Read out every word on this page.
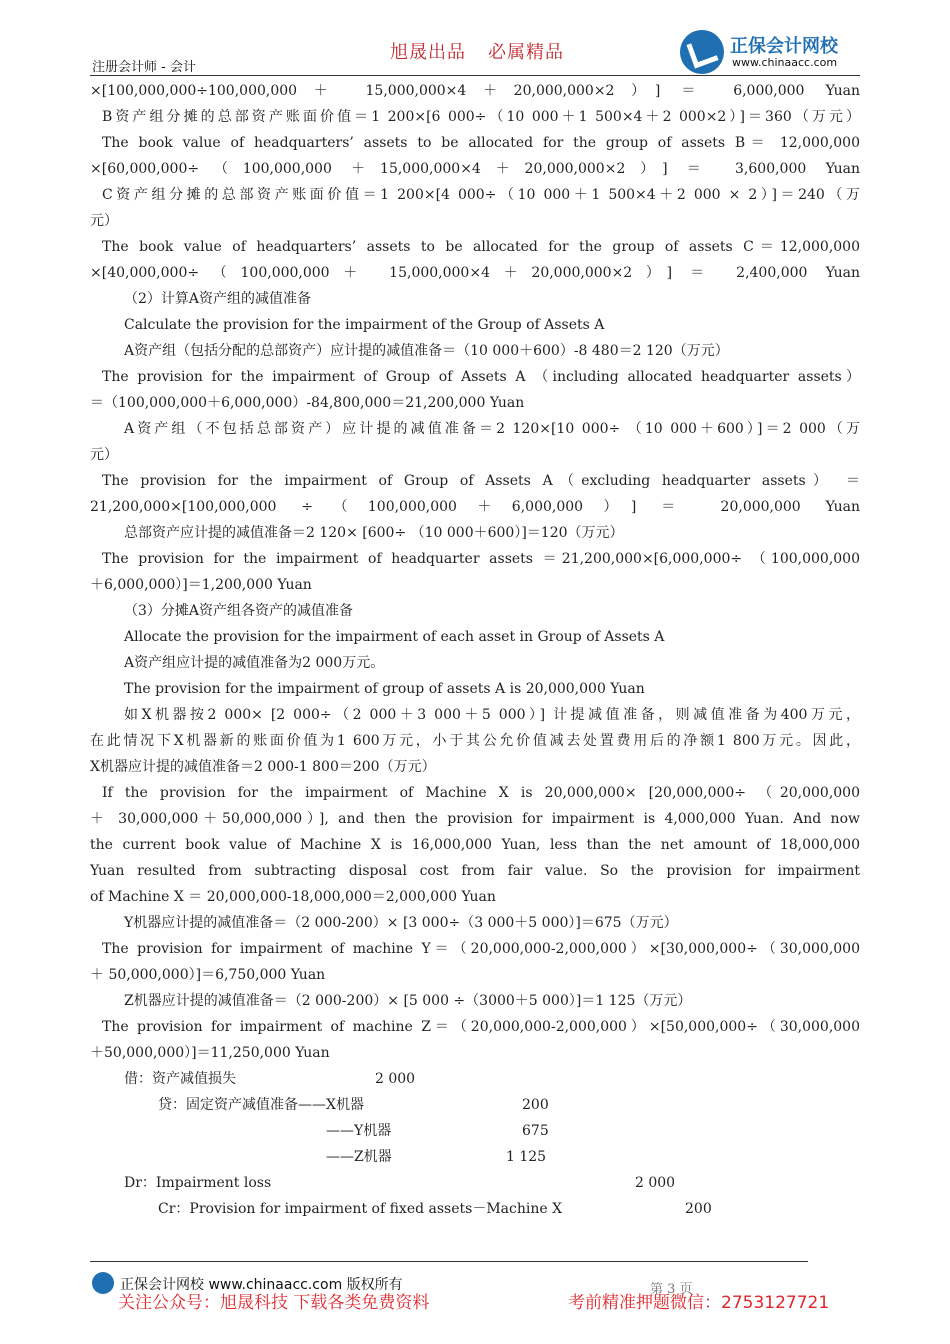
注册会计师 - 会计
旭晟出品 必属精品	正保会计网校
www.chinaacc.com
×[100,000,000÷100,000,000＋ 15,000,000×4＋20,000,000×2）] ＝ 6,000,000 Yuan
B资产组分摊的总部资产账面价值＝1 200×[6 000÷（10 000＋1 500×4＋2 000×2）]＝360（万元）
The book value of headquarters’ assets to be allocated for the group of assets B＝ 12,000,000
×[60,000,000÷（100,000,000 ＋15,000,000×4＋20,000,000×2）] ＝ 3,600,000 Yuan
C资产组分摊的总部资产账面价值＝1 200×[4 000÷（10 000＋1 500×4＋2 000 × 2）]＝240（万
元）
The book value of headquarters’ assets to be allocated for the group of assets C＝12,000,000
×[40,000,000÷（100,000,000＋ 15,000,000×4＋20,000,000×2）] ＝ 2,400,000 Yuan
（2）计算A资产组的减值准备
Calculate the provision for the impairment of the Group of Assets A
A资产组（包括分配的总部资产）应计提的减值准备＝（10 000＋600）-8 480＝2 120（万元）
The provision for the impairment of Group of Assets A （including allocated headquarter assets）
＝（100,000,000＋6,000,000）-84,800,000＝21,200,000 Yuan
A资产组（不包括总部资产）应计提的减值准备＝2 120×[10 000÷ （10 000＋600）]＝2 000（万
元）
The provision for the impairment of Group of Assets A（excluding headquarter assets） ＝
21,200,000×[100,000,000 ÷（100,000,000＋6,000,000）] ＝ 20,000,000 Yuan
总部资产应计提的减值准备＝2 120× [600÷ （10 000＋600）]＝120（万元）
The provision for the impairment of headquarter assets ＝21,200,000×[6,000,000÷ （100,000,000
＋6,000,000）]＝1,200,000 Yuan
（3）分摊A资产组各资产的减值准备
Allocate the provision for the impairment of each asset in Group of Assets A
A资产组应计提的减值准备为2 000万元。
The provision for the impairment of group of assets A is 20,000,000 Yuan
如X机器按2 000× [2 000÷（2 000＋3 000＋5 000）] 计提减值准备，则减值准备为400万元，
在此情况下X机器新的账面价值为1 600万元，小于其公允价值减去处置费用后的净额1 800万元。因此，
X机器应计提的减值准备＝2 000-1 800＝200（万元）
If the provision for the impairment of Machine X is 20,000,000× [20,000,000÷ （20,000,000
＋ 30,000,000＋50,000,000）], and then the provision for impairment is 4,000,000 Yuan. And now
the current book value of Machine X is 16,000,000 Yuan, less than the net amount of 18,000,000
Yuan resulted from subtracting disposal cost from fair value. So the provision for impairment
of Machine X ＝ 20,000,000-18,000,000＝2,000,000 Yuan
Y机器应计提的减值准备＝（2 000-200）× [3 000÷（3 000＋5 000）]＝675（万元）
The provision for impairment of machine Y＝（20,000,000-2,000,000）×[30,000,000÷（30,000,000
＋ 50,000,000）]＝6,750,000 Yuan
Z机器应计提的减值准备＝（2 000-200）× [5 000 ÷（3000＋5 000）]＝1 125（万元）
The provision for impairment of machine Z＝（20,000,000-2,000,000）×[50,000,000÷（30,000,000
＋50,000,000）]＝11,250,000 Yuan
借：资产减值损失	2 000
贷：固定资产减值准备——X机器	200
——Y机器	675
——Z机器	1 125
Dr：Impairment loss	2 000
Cr：Provision for impairment of fixed assets－Machine X	200
正保会计网校 www.chinaacc.com 版权所有	第 3 页
关注公众号：旭晟科技 下载各类免费资料	考前精准押题微信：2753127721
